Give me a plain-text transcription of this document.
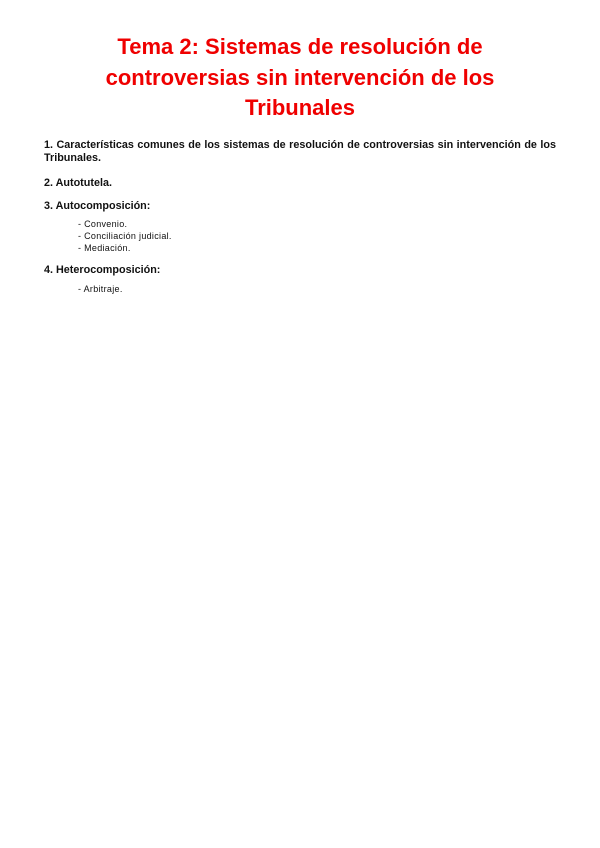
Tema 2: Sistemas de resolución de
controversias sin intervención de los
Tribunales
1. Características comunes de los sistemas de resolución de controversias sin intervención de los
Tribunales.
2. Autotutela.
3. Autocomposición:
- Convenio.
- Conciliación judicial.
- Mediación.
4. Heterocomposición:
- Arbitraje.
